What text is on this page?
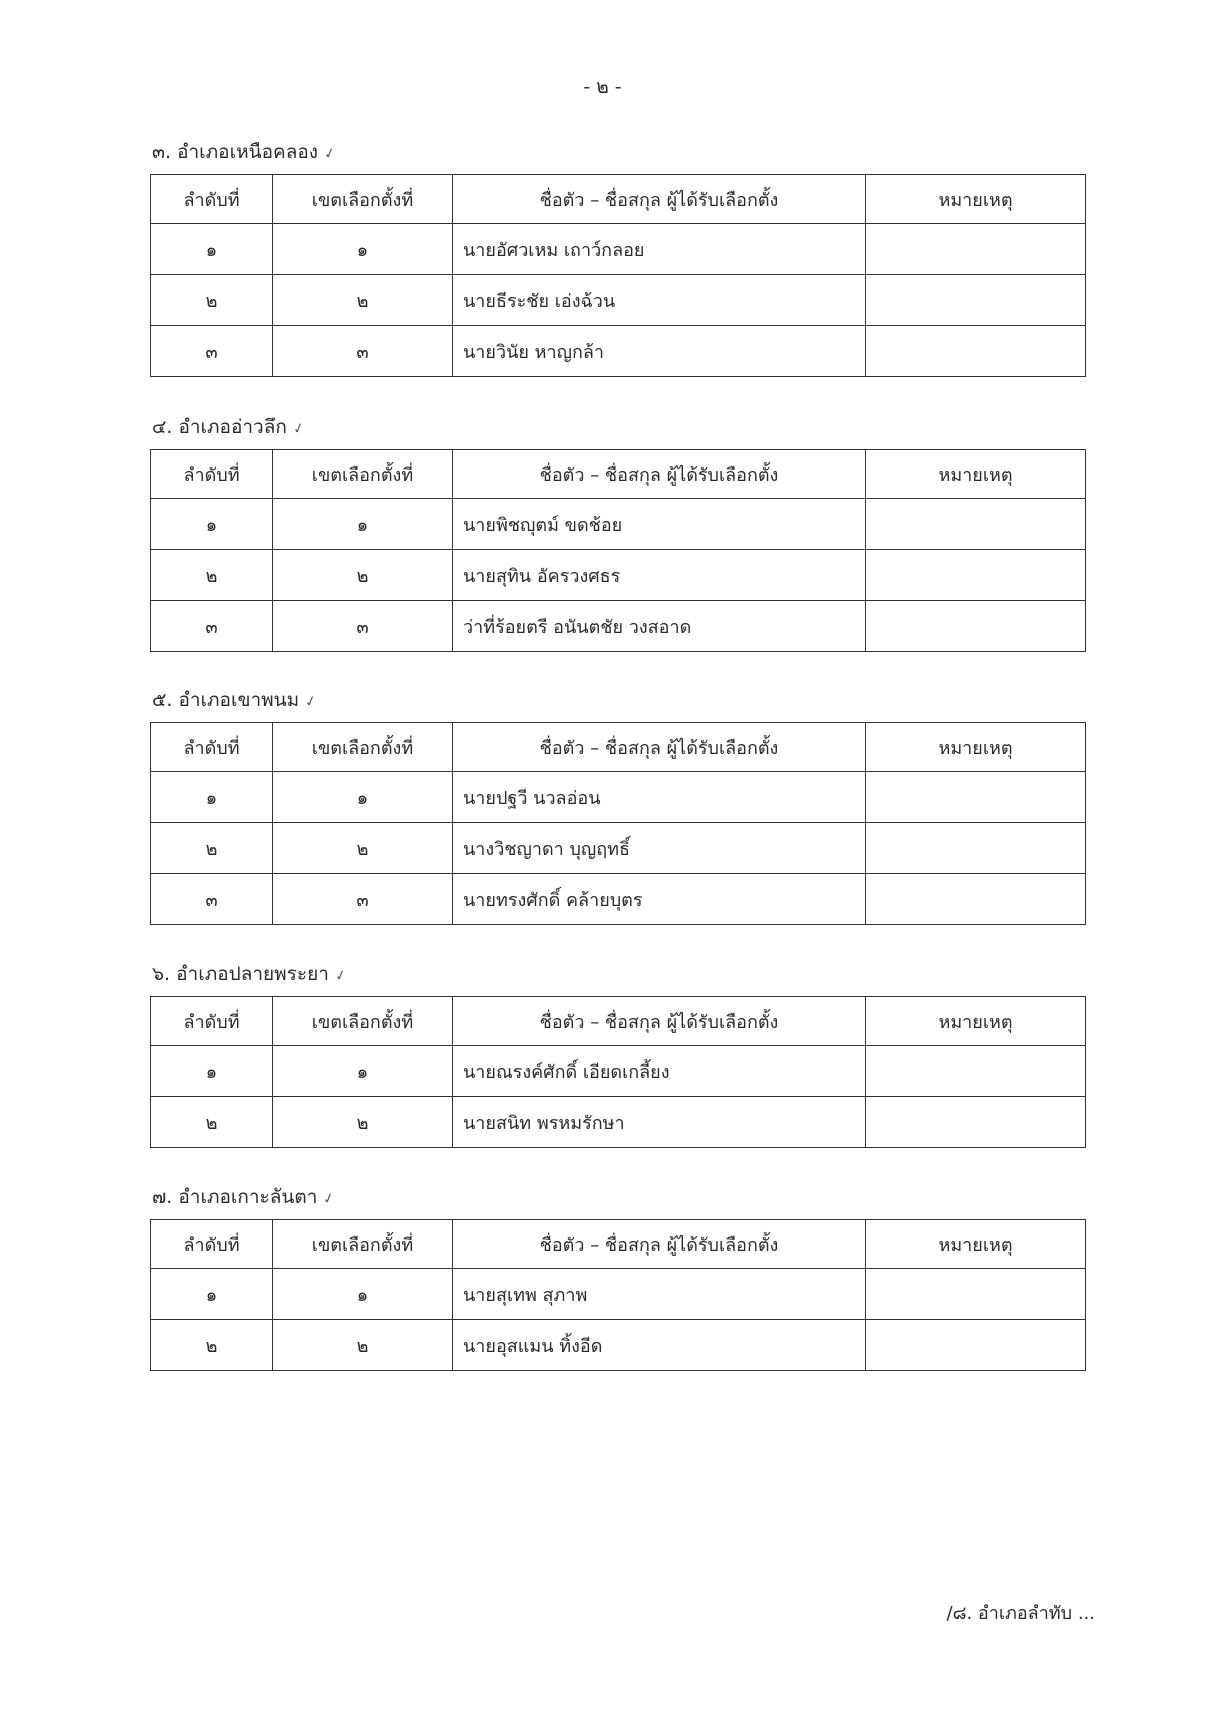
- ๒ -
๓. อำเภอเหนือคลอง ✓
ลำดับที่	เขตเลือกตั้งที่	ชื่อตัว – ชื่อสกุล ผู้ได้รับเลือกตั้ง	หมายเหตุ
๑	๑	นายอัศวเหม เถาว์กลอย	
๒	๒	นายธีระชัย เอ่งฉ้วน	
๓	๓	นายวินัย หาญกล้า	
๔. อำเภออ่าวลึก ✓
ลำดับที่	เขตเลือกตั้งที่	ชื่อตัว – ชื่อสกุล ผู้ได้รับเลือกตั้ง	หมายเหตุ
๑	๑	นายพิชญุตม์ ขดช้อย	
๒	๒	นายสุทิน อัครวงศธร	
๓	๓	ว่าที่ร้อยตรี อนันตชัย วงสอาด	
๕. อำเภอเขาพนม ✓
ลำดับที่	เขตเลือกตั้งที่	ชื่อตัว – ชื่อสกุล ผู้ได้รับเลือกตั้ง	หมายเหตุ
๑	๑	นายปฐวี นวลอ่อน	
๒	๒	นางวิชญาดา บุญฤทธิ์	
๓	๓	นายทรงศักดิ์ คล้ายบุตร	
๖. อำเภอปลายพระยา ✓
ลำดับที่	เขตเลือกตั้งที่	ชื่อตัว – ชื่อสกุล ผู้ได้รับเลือกตั้ง	หมายเหตุ
๑	๑	นายณรงค์ศักดิ์ เอียดเกลี้ยง	
๒	๒	นายสนิท พรหมรักษา	
๗. อำเภอเกาะลันตา ✓
ลำดับที่	เขตเลือกตั้งที่	ชื่อตัว – ชื่อสกุล ผู้ได้รับเลือกตั้ง	หมายเหตุ
๑	๑	นายสุเทพ สุภาพ	
๒	๒	นายอุสแมน ทิ้งอีด	
/๘. อำเภอลำทับ ...
